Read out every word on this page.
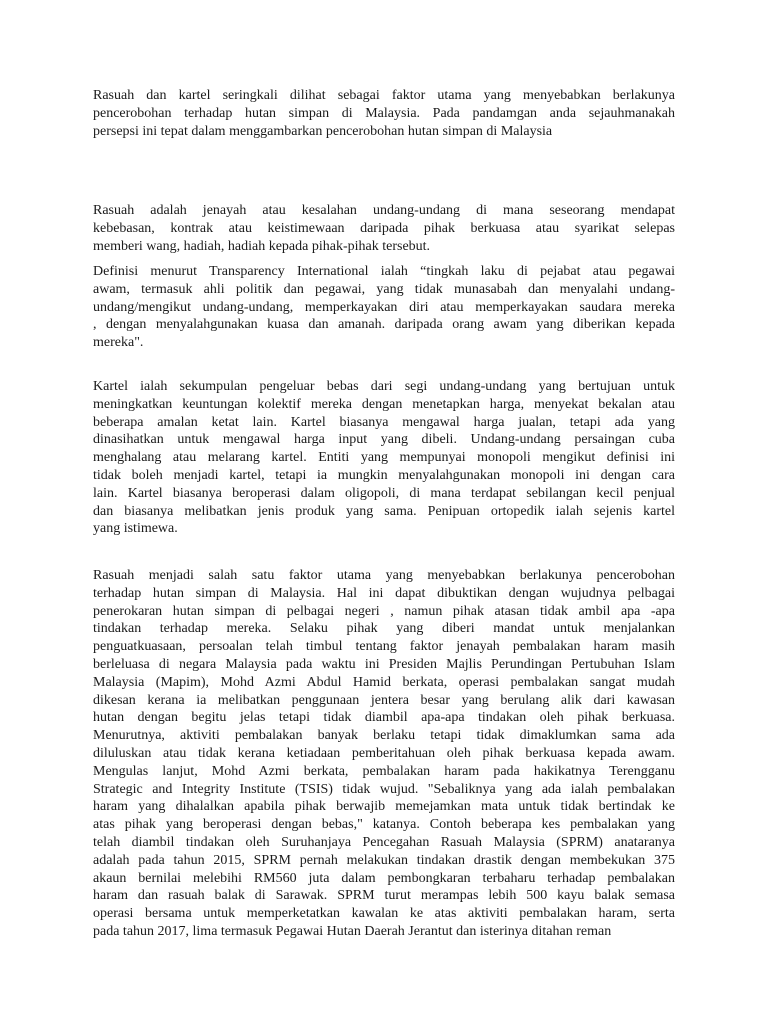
Rasuah dan kartel seringkali dilihat sebagai faktor utama yang menyebabkan berlakunya
pencerobohan terhadap hutan simpan di Malaysia. Pada pandamgan anda sejauhmanakah
persepsi ini tepat dalam menggambarkan pencerobohan hutan simpan di Malaysia

Rasuah adalah jenayah atau kesalahan undang-undang di mana seseorang mendapat
kebebasan, kontrak atau keistimewaan daripada pihak berkuasa atau syarikat selepas
memberi wang, hadiah, hadiah kepada pihak-pihak tersebut.

Definisi menurut Transparency International ialah “tingkah laku di pejabat atau pegawai
awam, termasuk ahli politik dan pegawai, yang tidak munasabah dan menyalahi undang-
undang/mengikut undang-undang, memperkayakan diri atau memperkayakan saudara mereka
, dengan menyalahgunakan kuasa dan amanah. daripada orang awam yang diberikan kepada
mereka".

Kartel ialah sekumpulan pengeluar bebas dari segi undang-undang yang bertujuan untuk
meningkatkan keuntungan kolektif mereka dengan menetapkan harga, menyekat bekalan atau
beberapa amalan ketat lain. Kartel biasanya mengawal harga jualan, tetapi ada yang
dinasihatkan untuk mengawal harga input yang dibeli. Undang-undang persaingan cuba
menghalang atau melarang kartel. Entiti yang mempunyai monopoli mengikut definisi ini
tidak boleh menjadi kartel, tetapi ia mungkin menyalahgunakan monopoli ini dengan cara
lain. Kartel biasanya beroperasi dalam oligopoli, di mana terdapat sebilangan kecil penjual
dan biasanya melibatkan jenis produk yang sama. Penipuan ortopedik ialah sejenis kartel
yang istimewa.

Rasuah menjadi salah satu faktor utama yang menyebabkan berlakunya pencerobohan
terhadap hutan simpan di Malaysia. Hal ini dapat dibuktikan dengan wujudnya pelbagai
penerokaran hutan simpan di pelbagai negeri , namun pihak atasan tidak ambil apa -apa
tindakan terhadap mereka. Selaku pihak yang diberi mandat untuk menjalankan
penguatkuasaan, persoalan telah timbul tentang faktor jenayah pembalakan haram masih
berleluasa di negara Malaysia pada waktu ini Presiden Majlis Perundingan Pertubuhan Islam
Malaysia (Mapim), Mohd Azmi Abdul Hamid berkata, operasi pembalakan sangat mudah
dikesan kerana ia melibatkan penggunaan jentera besar yang berulang alik dari kawasan
hutan dengan begitu jelas tetapi tidak diambil apa-apa tindakan oleh pihak berkuasa.
Menurutnya, aktiviti pembalakan banyak berlaku tetapi tidak dimaklumkan sama ada
diluluskan atau tidak kerana ketiadaan pemberitahuan oleh pihak berkuasa kepada awam.
Mengulas lanjut, Mohd Azmi berkata, pembalakan haram pada hakikatnya Terengganu
Strategic and Integrity Institute (TSIS) tidak wujud. "Sebaliknya yang ada ialah pembalakan
haram yang dihalalkan apabila pihak berwajib memejamkan mata untuk tidak bertindak ke
atas pihak yang beroperasi dengan bebas," katanya. Contoh beberapa kes pembalakan yang
telah diambil tindakan oleh Suruhanjaya Pencegahan Rasuah Malaysia (SPRM) anataranya
adalah pada tahun 2015, SPRM pernah melakukan tindakan drastik dengan membekukan 375
akaun bernilai melebihi RM560 juta dalam pembongkaran terbaharu terhadap pembalakan
haram dan rasuah balak di Sarawak. SPRM turut merampas lebih 500 kayu balak semasa
operasi bersama untuk memperketatkan kawalan ke atas aktiviti pembalakan haram, serta
pada tahun 2017, lima termasuk Pegawai Hutan Daerah Jerantut dan isterinya ditahan reman
